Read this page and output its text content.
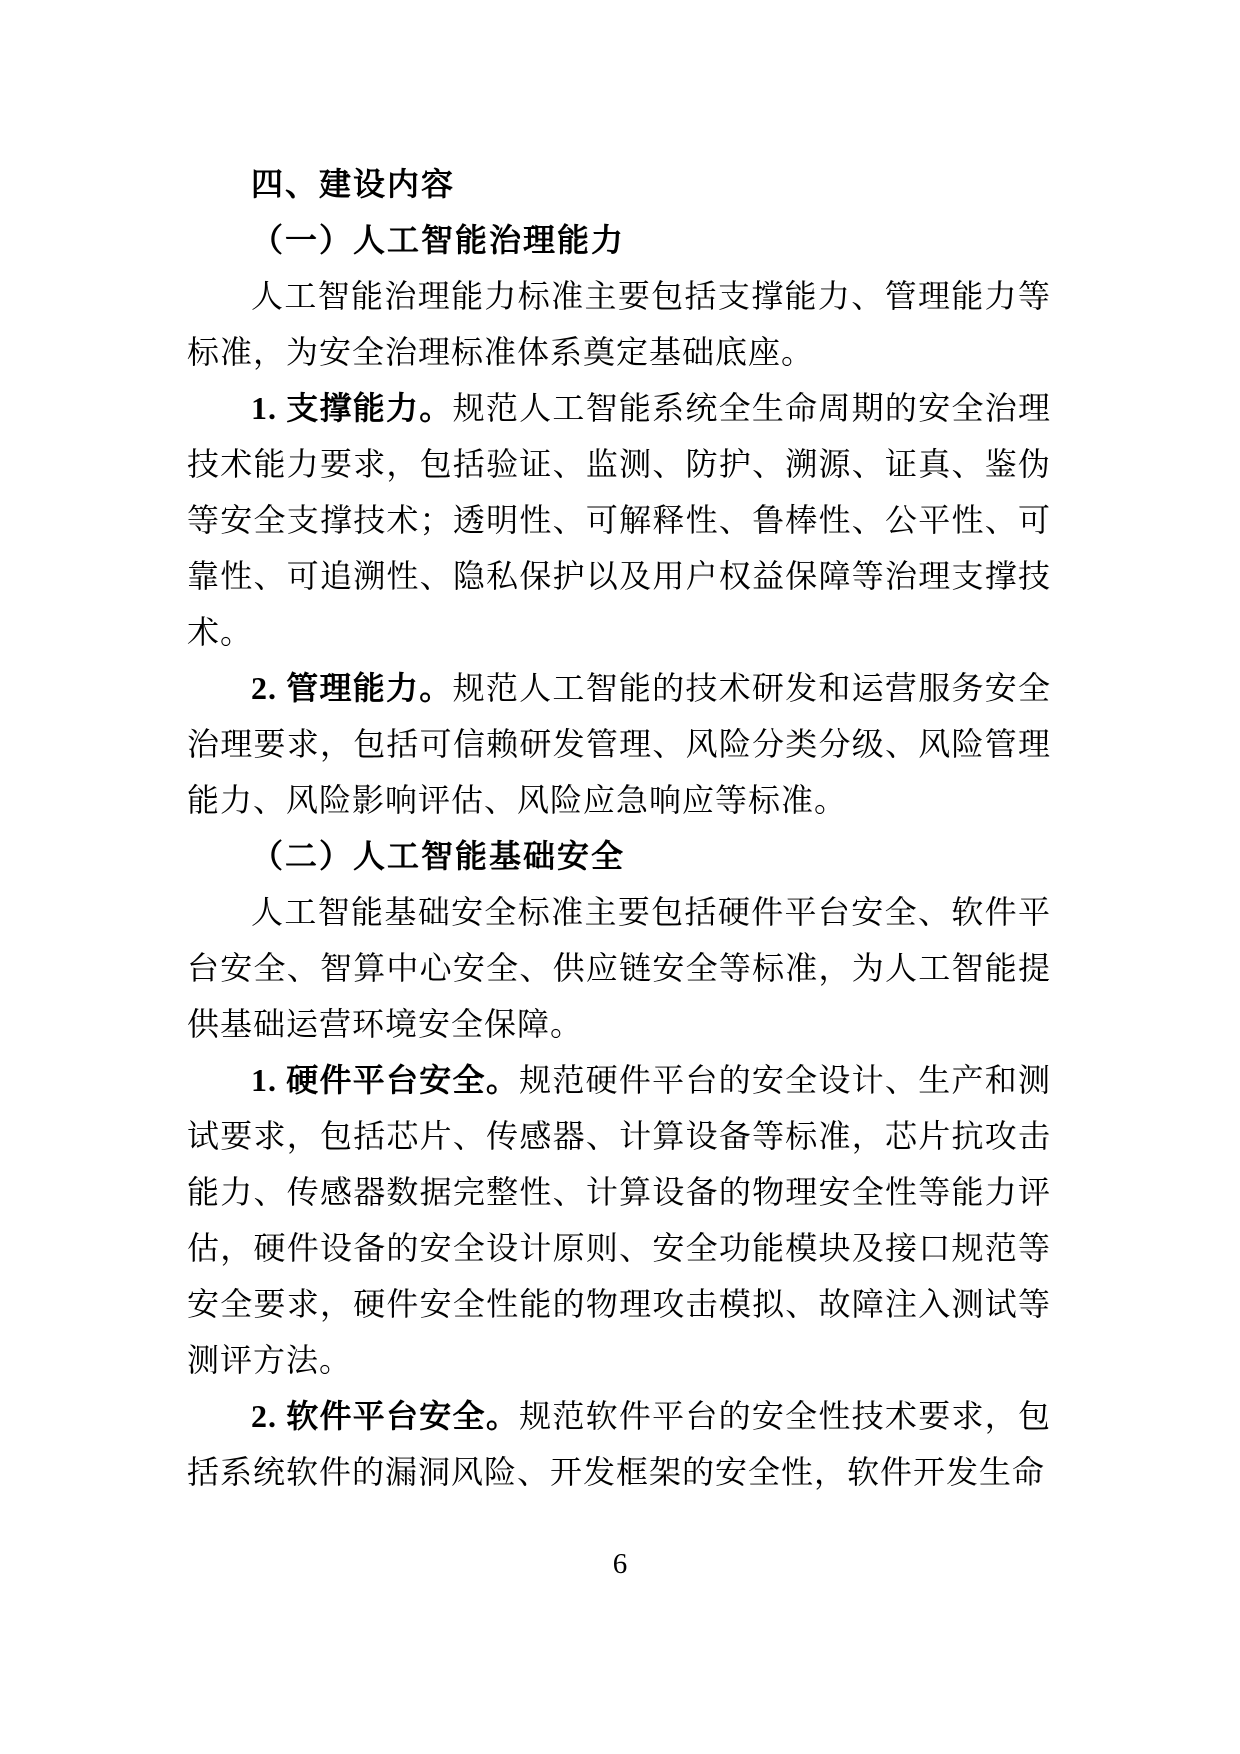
四、建设内容

（一）人工智能治理能力

人工智能治理能力标准主要包括支撑能力、管理能力等标准，为安全治理标准体系奠定基础底座。

1. 支撑能力。规范人工智能系统全生命周期的安全治理技术能力要求，包括验证、监测、防护、溯源、证真、鉴伪等安全支撑技术；透明性、可解释性、鲁棒性、公平性、可靠性、可追溯性、隐私保护以及用户权益保障等治理支撑技术。

2. 管理能力。规范人工智能的技术研发和运营服务安全治理要求，包括可信赖研发管理、风险分类分级、风险管理能力、风险影响评估、风险应急响应等标准。

（二）人工智能基础安全

人工智能基础安全标准主要包括硬件平台安全、软件平台安全、智算中心安全、供应链安全等标准，为人工智能提供基础运营环境安全保障。

1. 硬件平台安全。规范硬件平台的安全设计、生产和测试要求，包括芯片、传感器、计算设备等标准，芯片抗攻击能力、传感器数据完整性、计算设备的物理安全性等能力评估，硬件设备的安全设计原则、安全功能模块及接口规范等安全要求，硬件安全性能的物理攻击模拟、故障注入测试等测评方法。

2. 软件平台安全。规范软件平台的安全性技术要求，包括系统软件的漏洞风险、开发框架的安全性，软件开发生命

6
